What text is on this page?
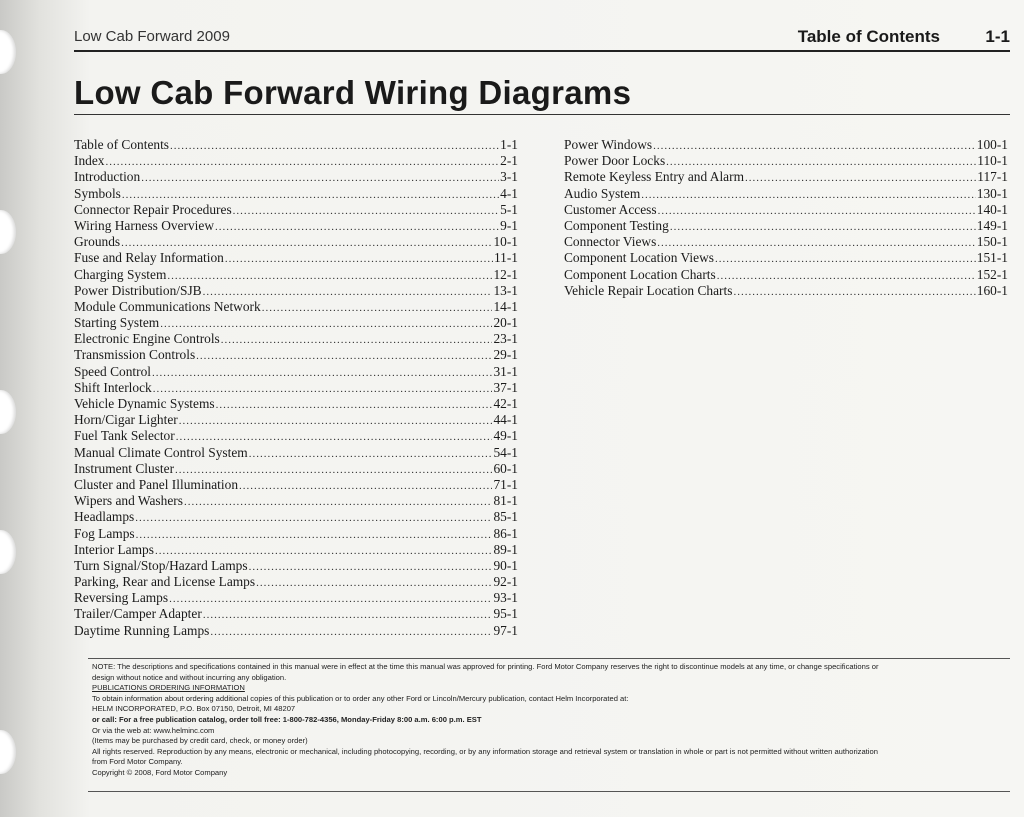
Low Cab Forward 2009	Table of Contents	1-1
Low Cab Forward Wiring Diagrams
Table of Contents .....	1-1
Index .....	2-1
Introduction .....	3-1
Symbols .....	4-1
Connector Repair Procedures .....	5-1
Wiring Harness Overview .....	9-1
Grounds .....	10-1
Fuse and Relay Information .....	11-1
Charging System .....	12-1
Power Distribution/SJB .....	13-1
Module Communications Network .....	14-1
Starting System .....	20-1
Electronic Engine Controls .....	23-1
Transmission Controls .....	29-1
Speed Control .....	31-1
Shift Interlock .....	37-1
Vehicle Dynamic Systems .....	42-1
Horn/Cigar Lighter .....	44-1
Fuel Tank Selector .....	49-1
Manual Climate Control System .....	54-1
Instrument Cluster .....	60-1
Cluster and Panel Illumination .....	71-1
Wipers and Washers .....	81-1
Headlamps .....	85-1
Fog Lamps .....	86-1
Interior Lamps .....	89-1
Turn Signal/Stop/Hazard Lamps .....	90-1
Parking, Rear and License Lamps .....	92-1
Reversing Lamps .....	93-1
Trailer/Camper Adapter .....	95-1
Daytime Running Lamps .....	97-1
Power Windows .....	100-1
Power Door Locks .....	110-1
Remote Keyless Entry and Alarm .....	117-1
Audio System .....	130-1
Customer Access .....	140-1
Component Testing .....	149-1
Connector Views .....	150-1
Component Location Views .....	151-1
Component Location Charts .....	152-1
Vehicle Repair Location Charts .....	160-1
NOTE: The descriptions and specifications contained in this manual were in effect at the time this manual was approved for printing. Ford Motor Company reserves the right to discontinue models at any time, or change specifications or
design without notice and without incurring any obligation.
PUBLICATIONS ORDERING INFORMATION
To obtain information about ordering additional copies of this publication or to order any other Ford or Lincoln/Mercury publication, contact Helm Incorporated at:
HELM INCORPORATED, P.O. Box 07150, Detroit, MI 48207
or call: For a free publication catalog, order toll free: 1-800-782-4356, Monday-Friday 8:00 a.m. 6:00 p.m. EST
Or via the web at: www.helminc.com
(Items may be purchased by credit card, check, or money order)
All rights reserved. Reproduction by any means, electronic or mechanical, including photocopying, recording, or by any information storage and retrieval system or translation in whole or part is not permitted without written authorization
from Ford Motor Company.
Copyright © 2008, Ford Motor Company
